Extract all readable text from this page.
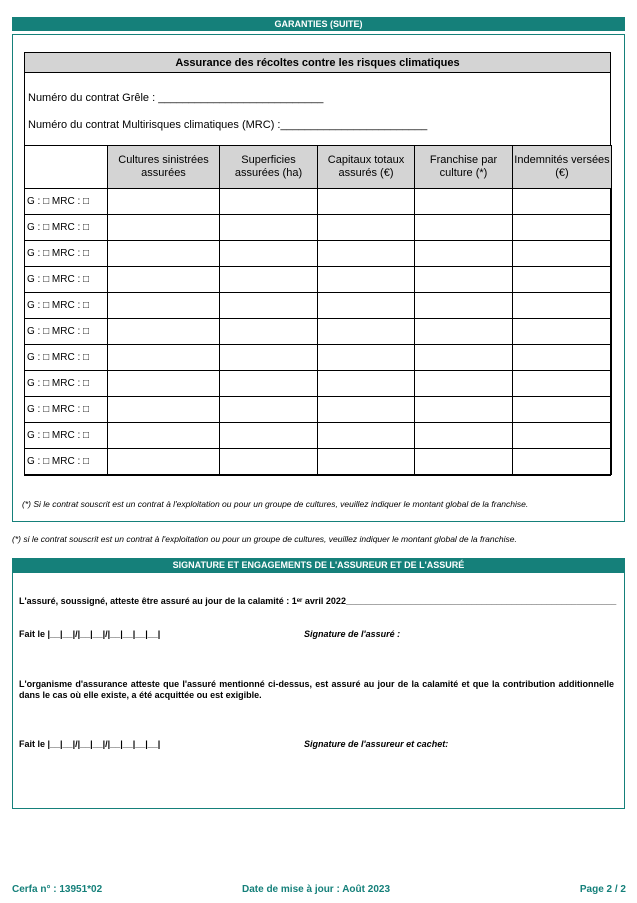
GARANTIES (SUITE)
Assurance des récoltes contre les risques climatiques
Numéro du contrat Grêle : ___________________________
Numéro du contrat Multirisques climatiques (MRC) :________________________
	Cultures sinistrées assurées	Superficies assurées (ha)	Capitaux totaux assurés (€)	Franchise par culture (*)	Indemnités versées (€)
G : □ MRC : □					
G : □ MRC : □					
G : □ MRC : □					
G : □ MRC : □					
G : □ MRC : □					
G : □ MRC : □					
G : □ MRC : □					
G : □ MRC : □					
G : □ MRC : □					
G : □ MRC : □					
G : □ MRC : □					
(*) Si le contrat souscrit est un contrat à l'exploitation ou pour un groupe de cultures, veuillez indiquer le montant global de la franchise.
(*) si le contrat souscrit est un contrat à l'exploitation ou pour un groupe de cultures, veuillez indiquer le montant global de la franchise.
SIGNATURE ET ENGAGEMENTS DE L'ASSUREUR ET DE L'ASSURÉ
L'assuré, soussigné, atteste être assuré au jour de la calamité : 1ᵉʳ avril 2022______________________________________________________
Fait le |__|__|/|__|__|/|__|__|__|__|	Signature de l'assuré :
L'organisme d'assurance atteste que l'assuré mentionné ci-dessus, est assuré au jour de la calamité et que la contribution additionnelle dans le cas où elle existe, a été acquittée ou est exigible.
Fait le |__|__|/|__|__|/|__|__|__|__|	Signature de l'assureur et cachet:
Cerfa n° : 13951*02	Date de mise à jour : Août 2023	Page 2 / 2
